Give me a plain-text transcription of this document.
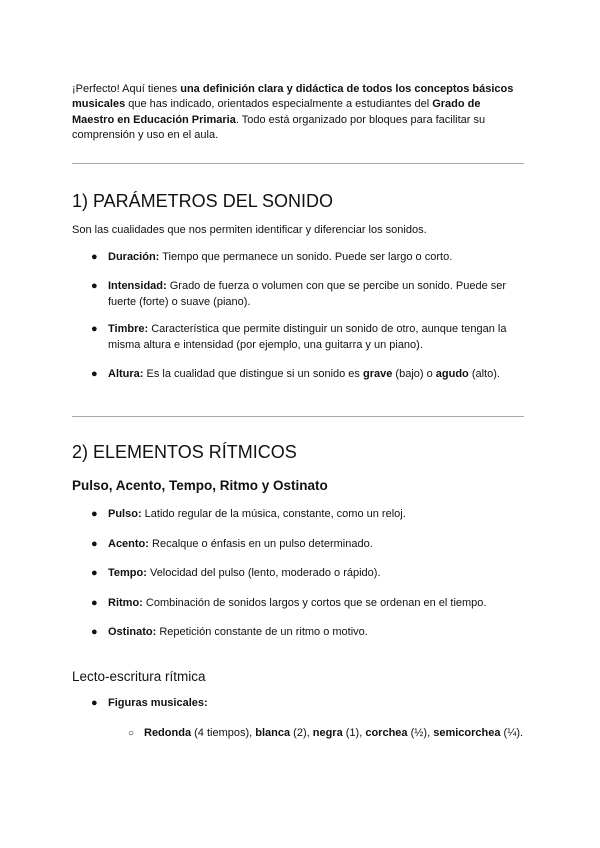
¡Perfecto! Aquí tienes una definición clara y didáctica de todos los conceptos básicos musicales que has indicado, orientados especialmente a estudiantes del Grado de Maestro en Educación Primaria. Todo está organizado por bloques para facilitar su comprensión y uso en el aula.

1) PARÁMETROS DEL SONIDO

Son las cualidades que nos permiten identificar y diferenciar los sonidos.

● Duración: Tiempo que permanece un sonido. Puede ser largo o corto.

● Intensidad: Grado de fuerza o volumen con que se percibe un sonido. Puede ser fuerte (forte) o suave (piano).

● Timbre: Característica que permite distinguir un sonido de otro, aunque tengan la misma altura e intensidad (por ejemplo, una guitarra y un piano).

● Altura: Es la cualidad que distingue si un sonido es grave (bajo) o agudo (alto).

2) ELEMENTOS RÍTMICOS
Pulso, Acento, Tempo, Ritmo y Ostinato

● Pulso: Latido regular de la música, constante, como un reloj.

● Acento: Recalque o énfasis en un pulso determinado.

● Tempo: Velocidad del pulso (lento, moderado o rápido).

● Ritmo: Combinación de sonidos largos y cortos que se ordenan en el tiempo.

● Ostinato: Repetición constante de un ritmo o motivo.

Lecto-escritura rítmica

● Figuras musicales:

○ Redonda (4 tiempos), blanca (2), negra (1), corchea (½), semicorchea (¼).
